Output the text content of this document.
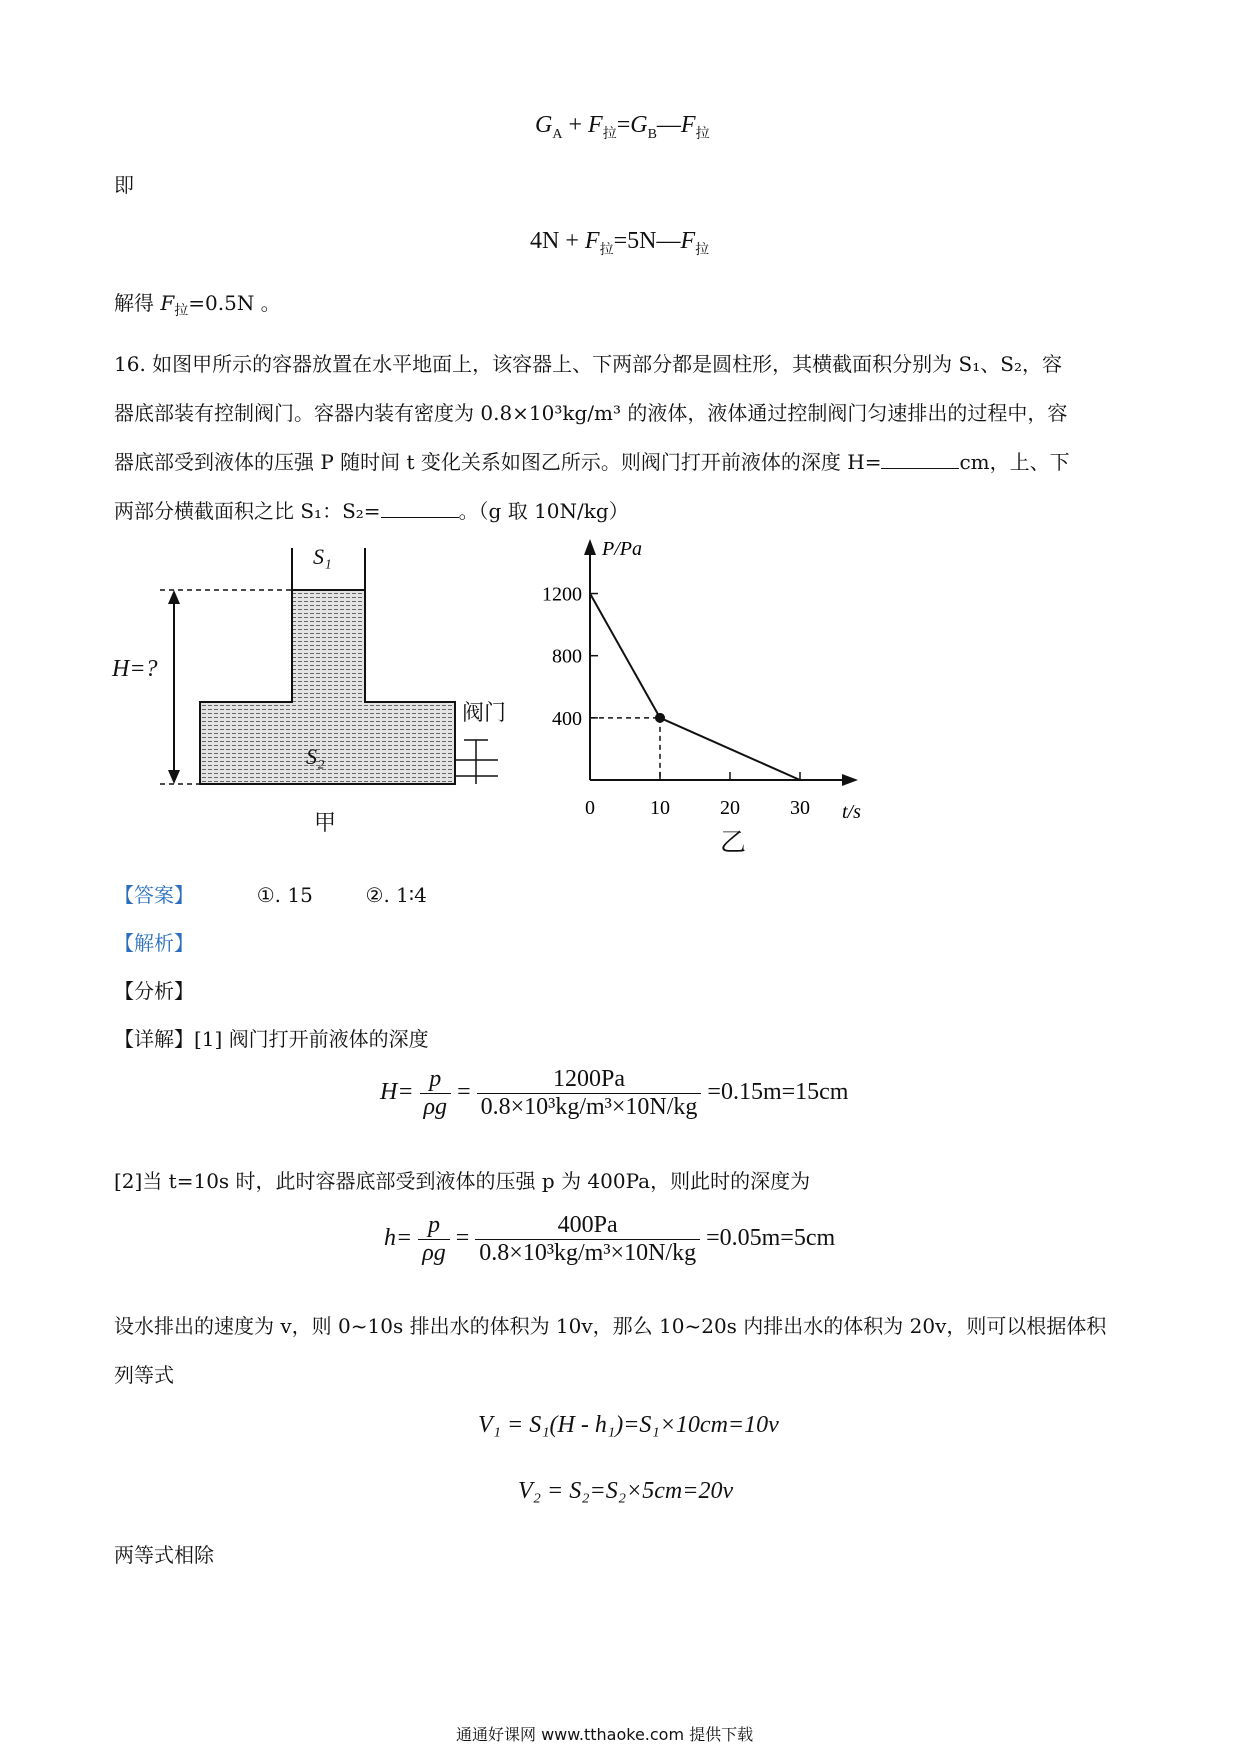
$G_A$ + $F_拉=G_B—F_拉$
即
$4N + F_拉=5N—F_拉$
解得 $F_拉=0.5N$ 。
16. 如图甲所示的容器放置在水平地面上，该容器上、下两部分都是圆柱形，其横截面积分别为 S₁、S₂，容
器底部装有控制阀门。容器内装有密度为 0.8×10³kg/m³ 的液体，液体通过控制阀门匀速排出的过程中，容
器底部受到液体的压强 P 随时间 t 变化关系如图乙所示。则阀门打开前液体的深度 H=	cm，上、下
两部分横截面积之比 S₁：S₂=	。（g 取 10N/kg）
S₁
S₂
H=?
阀门
甲
P/Pa
t/s
0	10	20	30
400
800
1200
乙
【答案】	①. 15	②. 1∶4
【解析】
【分析】
【详解】[1] 阀门打开前液体的深度
$H= \frac{p}{\rho g} = \frac{1200Pa}{\text{0.8×10³kg/m³×10N/kg}} =0.15m=15cm$
[2]当 t=10s 时，此时容器底部受到液体的压强 p 为 400Pa，则此时的深度为
$h= \frac{p}{\rho g} = \frac{400Pa}{\text{0.8×10³kg/m³×10N/kg}} =0.05m=5cm$
设水排出的速度为 v，则 0~10s 排出水的体积为 10v，那么 10~20s 内排出水的体积为 20v，则可以根据体积
列等式
V₁ = S₁(H - h₁)=S₁×10cm=10v
V₂ = S₂=S₂×5cm=20v
两等式相除
通通好课网 www.tthaoke.com 提供下载
